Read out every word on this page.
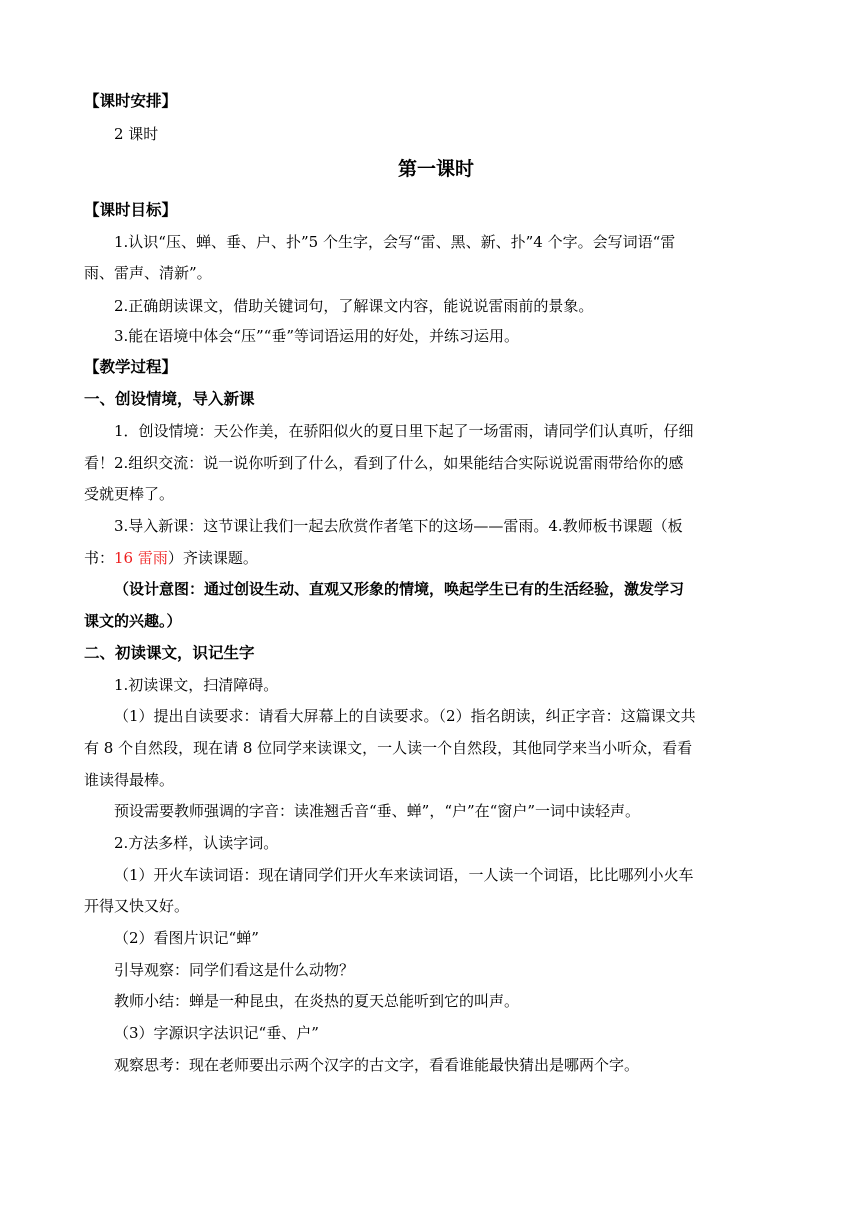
【课时安排】

2 课时

第一课时

【课时目标】

1.认识“压、蝉、垂、户、扑”5 个生字，会写“雷、黑、新、扑”4 个字。会写词语“雷

雨、雷声、清新”。

2.正确朗读课文，借助关键词句，了解课文内容，能说说雷雨前的景象。

3.能在语境中体会“压”“垂”等词语运用的好处，并练习运用。

【教学过程】

一、创设情境，导入新课

1．创设情境：天公作美，在骄阳似火的夏日里下起了一场雷雨，请同学们认真听，仔细

看！2.组织交流：说一说你听到了什么，看到了什么，如果能结合实际说说雷雨带给你的感

受就更棒了。

3.导入新课：这节课让我们一起去欣赏作者笔下的这场——雷雨。4.教师板书课题（板

书：16 雷雨）齐读课题。

（设计意图：通过创设生动、直观又形象的情境，唤起学生已有的生活经验，激发学习

课文的兴趣。）

二、初读课文，识记生字

1.初读课文，扫清障碍。

（1）提出自读要求：请看大屏幕上的自读要求。（2）指名朗读，纠正字音：这篇课文共

有 8 个自然段，现在请 8 位同学来读课文，一人读一个自然段，其他同学来当小听众，看看

谁读得最棒。

预设需要教师强调的字音：读准翘舌音“垂、蝉”，“户”在“窗户”一词中读轻声。

2.方法多样，认读字词。

（1）开火车读词语：现在请同学们开火车来读词语，一人读一个词语，比比哪列小火车

开得又快又好。

（2）看图片识记“蝉”

引导观察：同学们看这是什么动物？

教师小结：蝉是一种昆虫，在炎热的夏天总能听到它的叫声。

（3）字源识字法识记“垂、户”

观察思考：现在老师要出示两个汉字的古文字，看看谁能最快猜出是哪两个字。
